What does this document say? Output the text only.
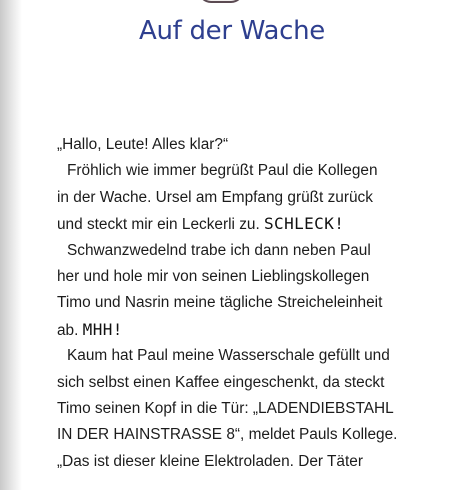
Auf der Wache
„Hallo, Leute! Alles klar?“
Fröhlich wie immer begrüßt Paul die Kollegen
in der Wache. Ursel am Empfang grüßt zurück
und steckt mir ein Leckerli zu. SCHLECK!
Schwanzwedelnd trabe ich dann neben Paul
her und hole mir von seinen Lieblingskollegen
Timo und Nasrin meine tägliche Streicheleinheit
ab. MHH!
Kaum hat Paul meine Wasserschale gefüllt und
sich selbst einen Kaffee eingeschenkt, da steckt
Timo seinen Kopf in die Tür: „LADENDIEBSTAHL
IN DER HAINSTRASSE 8“, meldet Pauls Kollege.
„Das ist dieser kleine Elektroladen. Der Täter
